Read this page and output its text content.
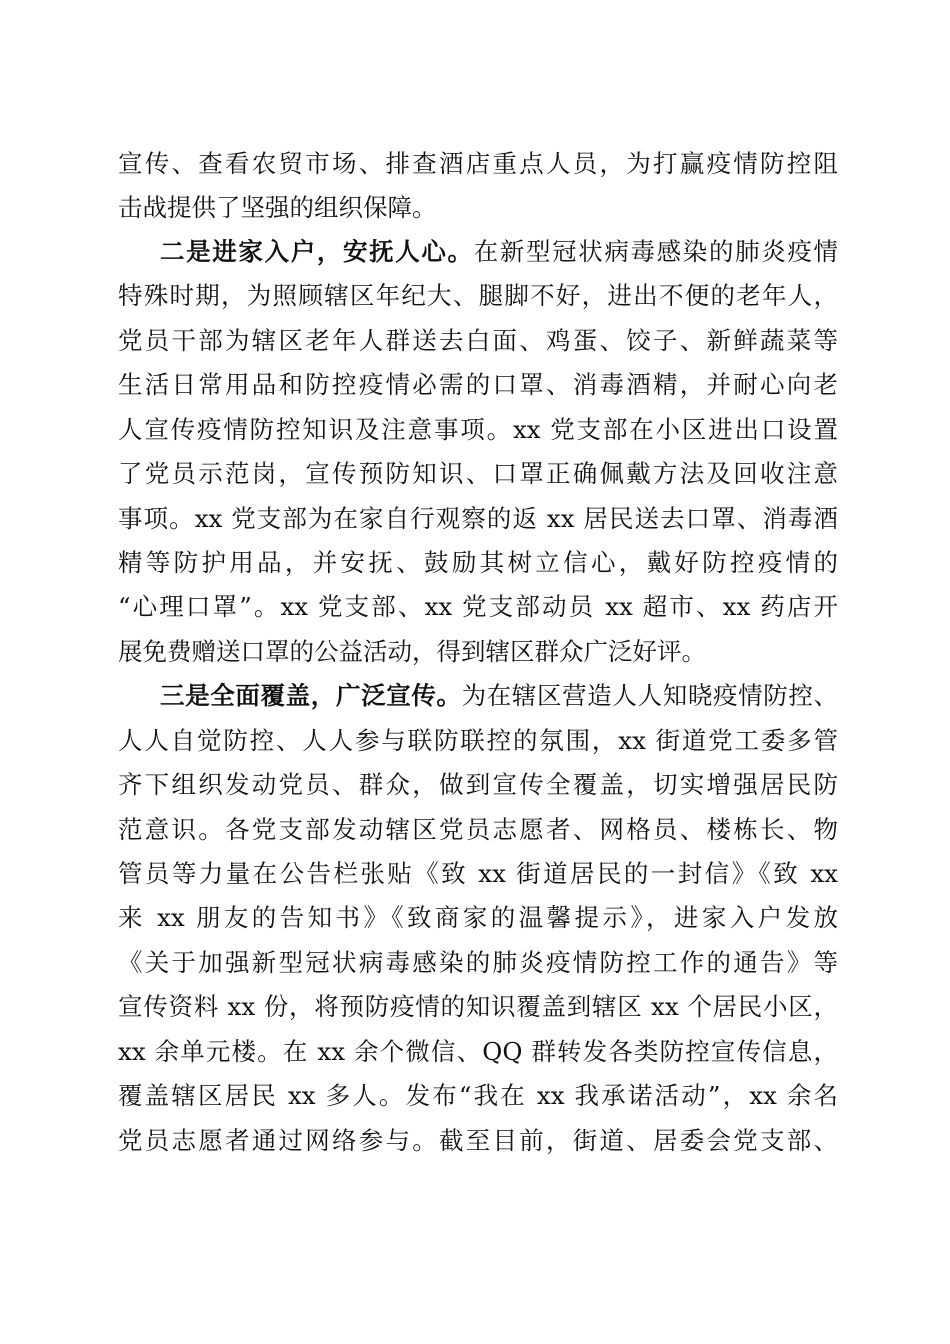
宣传、查看农贸市场、排查酒店重点人员，为打赢疫情防控阻
击战提供了坚强的组织保障。
二是进家入户，安抚人心。在新型冠状病毒感染的肺炎疫情
特殊时期，为照顾辖区年纪大、腿脚不好，进出不便的老年人，
党员干部为辖区老年人群送去白面、鸡蛋、饺子、新鲜蔬菜等
生活日常用品和防控疫情必需的口罩、消毒酒精，并耐心向老
人宣传疫情防控知识及注意事项。xx 党支部在小区进出口设置
了党员示范岗，宣传预防知识、口罩正确佩戴方法及回收注意
事项。xx 党支部为在家自行观察的返 xx 居民送去口罩、消毒酒
精等防护用品，并安抚、鼓励其树立信心，戴好防控疫情的
“心理口罩”。xx 党支部、xx 党支部动员 xx 超市、xx 药店开
展免费赠送口罩的公益活动，得到辖区群众广泛好评。
三是全面覆盖，广泛宣传。为在辖区营造人人知晓疫情防控、
人人自觉防控、人人参与联防联控的氛围，xx 街道党工委多管
齐下组织发动党员、群众，做到宣传全覆盖，切实增强居民防
范意识。各党支部发动辖区党员志愿者、网格员、楼栋长、物
管员等力量在公告栏张贴《致 xx 街道居民的一封信》《致 xx
来 xx 朋友的告知书》《致商家的温馨提示》，进家入户发放
《关于加强新型冠状病毒感染的肺炎疫情防控工作的通告》等
宣传资料 xx 份，将预防疫情的知识覆盖到辖区 xx 个居民小区，
xx 余单元楼。在 xx 余个微信、QQ 群转发各类防控宣传信息，
覆盖辖区居民 xx 多人。发布“我在 xx 我承诺活动”，xx 余名
党员志愿者通过网络参与。截至目前，街道、居委会党支部、
